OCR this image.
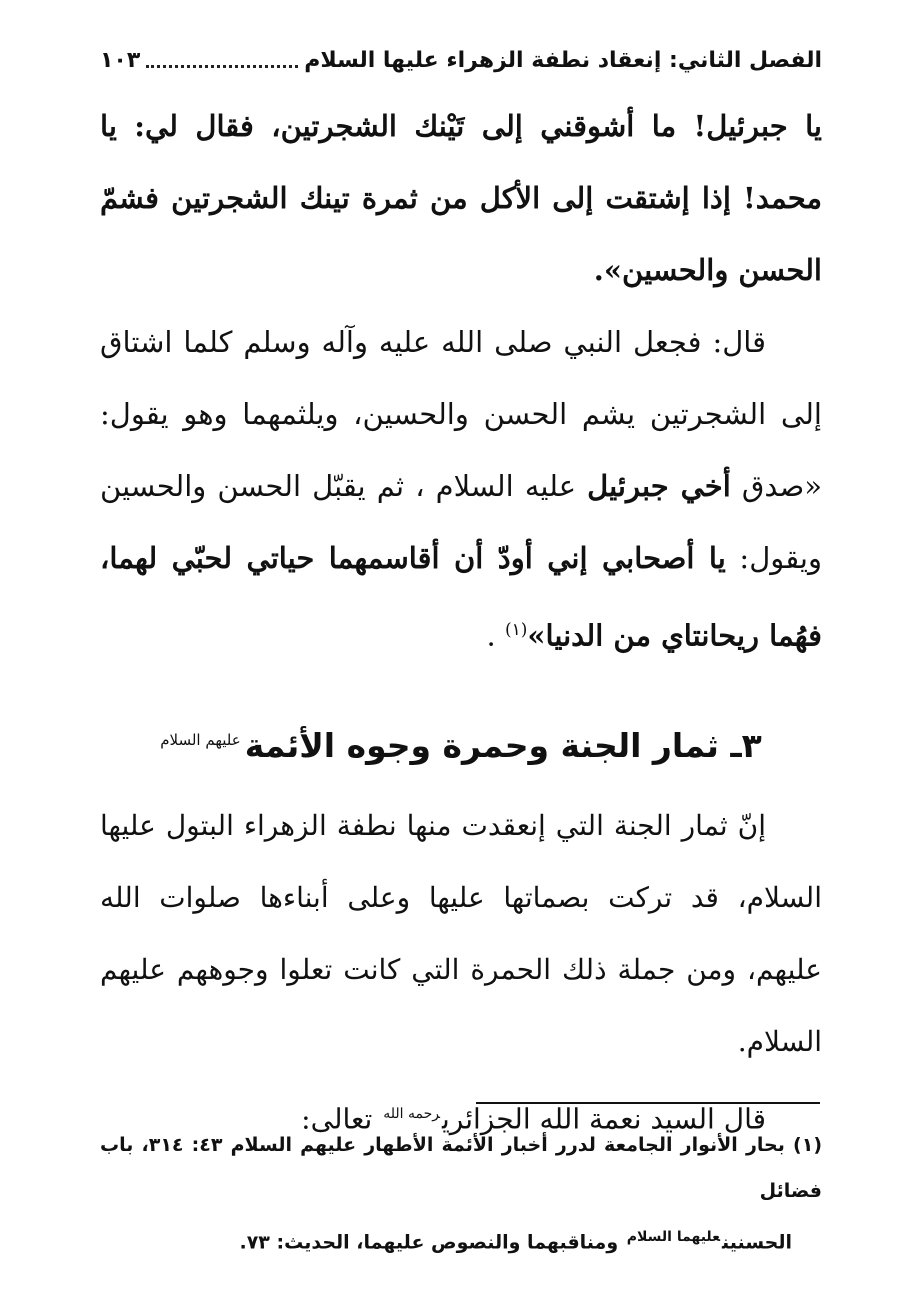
الفصل الثاني: إنعقاد نطفة الزهراء عليها السلام
١٠٣

يا جبرئيل! ما أشوقني إلى تَيْنك الشجرتين، فقال لي: يا محمد! إذا إشتقت إلى الأكل من ثمرة تينك الشجرتين فشمّ الحسن والحسين».

قال: فجعل النبي صلى الله عليه وآله وسلم كلما اشتاق إلى الشجرتين يشم الحسن والحسين، ويلثمهما وهو يقول: «صدق أخي جبرئيل عليه السلام ، ثم يقبّل الحسن والحسين ويقول: يا أصحابي إني أودّ أن أقاسمهما حياتي لحبّي لهما، فهُما ريحانتاي من الدنيا»$^{(١)}$ .

٣ـ ثمار الجنة وحمرة وجوه الأئمة$^{عليهم السلام}$

إنّ ثمار الجنة التي إنعقدت منها نطفة الزهراء البتول عليها السلام، قد تركت بصماتها عليها وعلى أبناءها صلوات الله عليهم، ومن جملة ذلك الحمرة التي كانت تعلوا وجوههم عليهم السلام.

قال السيد نعمة الله الجزائري$^{رحمه الله}$ تعالى:

(١) بحار الأنوار الجامعة لدرر أخبار الأئمة الأطهار عليهم السلام ٤٣: ٣١٤، باب فضائل

الحسنين$^{عليهما السلام}$ ومناقبهما والنصوص عليهما، الحديث: ٧٣.
